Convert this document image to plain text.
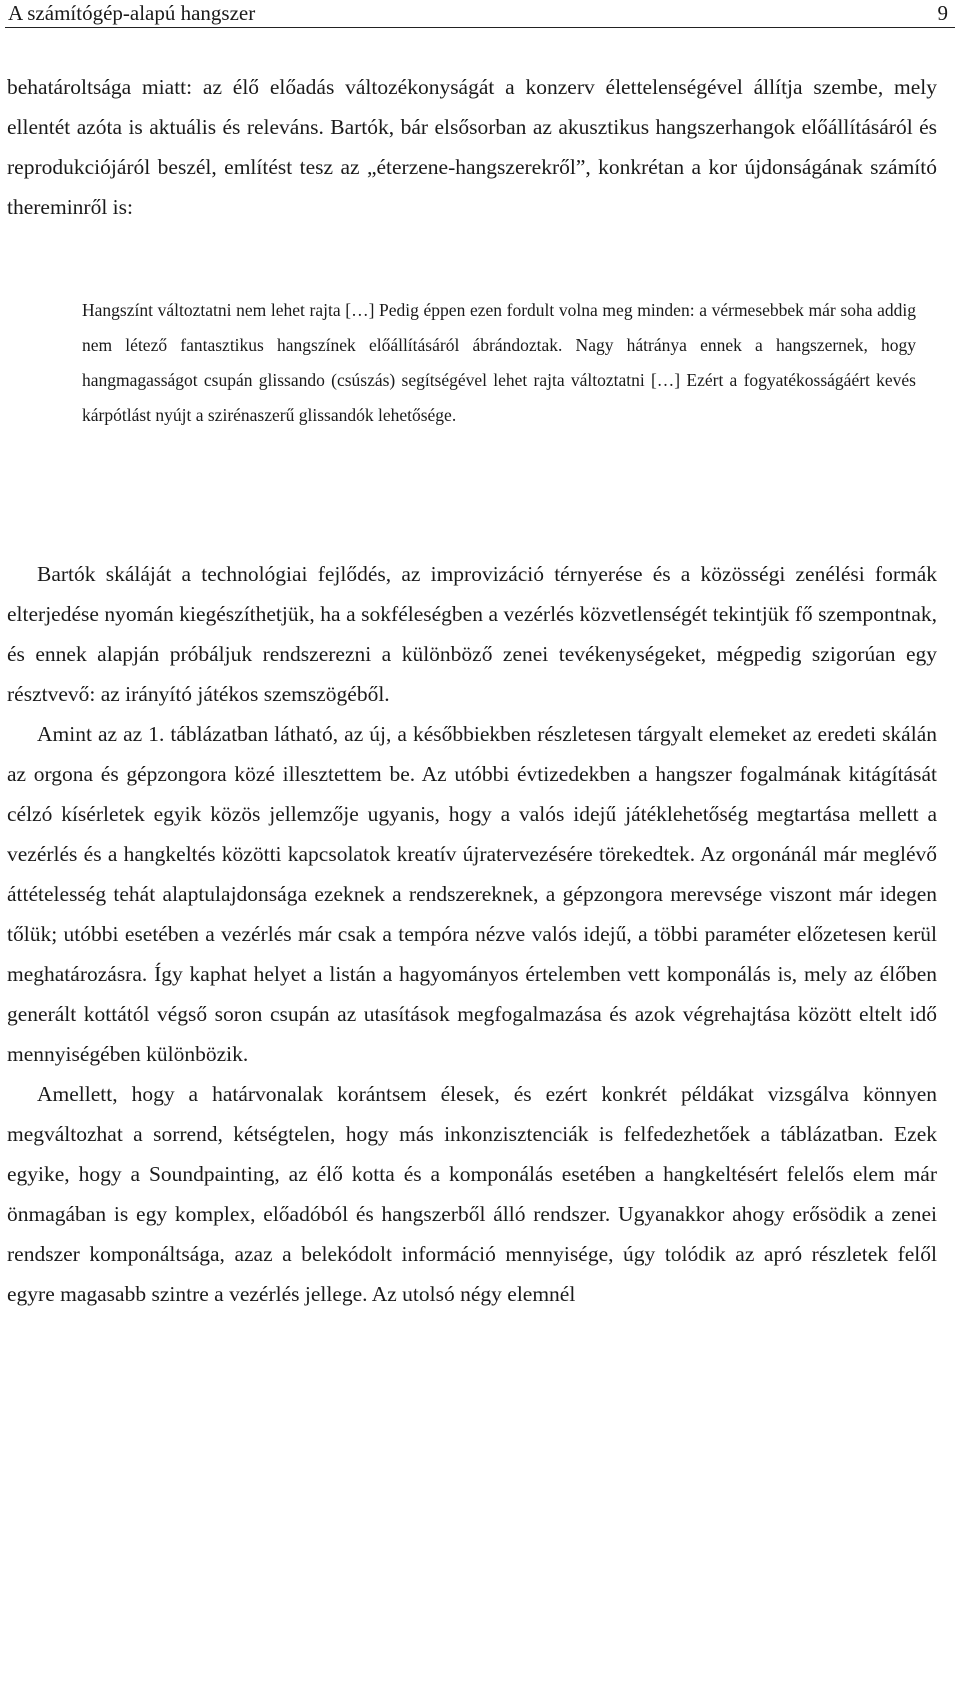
A számítógép-alapú hangszer	9

behatároltsága miatt: az élő előadás változékonyságát a konzerv élettelenségével állítja szembe, mely ellentét azóta is aktuális és releváns. Bartók, bár elsősorban az akusztikus hangszerhangok előállításáról és reprodukciójáról beszél, említést tesz az „éterzene-hangszerekről”, konkrétan a kor újdonságának számító thereminről is:

Hangszínt változtatni nem lehet rajta […] Pedig éppen ezen fordult volna meg minden: a vérmesebbek már soha addig nem létező fantasztikus hangszínek előállításáról ábrándoztak. Nagy hátránya ennek a hangszernek, hogy hangmagasságot csupán glissando (csúszás) segítségével lehet rajta változtatni […] Ezért a fogyatékosságáért kevés kárpótlást nyújt a szirénaszerű glissandók lehetősége.

Bartók skáláját a technológiai fejlődés, az improvizáció térnyerése és a közösségi zenélési formák elterjedése nyomán kiegészíthetjük, ha a sokféleségben a vezérlés közvetlenségét tekintjük fő szempontnak, és ennek alapján próbáljuk rendszerezni a különböző zenei tevékenységeket, mégpedig szigorúan egy résztvevő: az irányító játékos szemszögéből.

Amint az az 1. táblázatban látható, az új, a későbbiekben részletesen tárgyalt elemeket az eredeti skálán az orgona és gépzongora közé illesztettem be. Az utóbbi évtizedekben a hangszer fogalmának kitágítását célzó kísérletek egyik közös jellemzője ugyanis, hogy a valós idejű játéklehetőség megtartása mellett a vezérlés és a hangkeltés közötti kapcsolatok kreatív újratervezésére törekedtek. Az orgonánál már meglévő áttételesség tehát alaptulajdonsága ezeknek a rendszereknek, a gépzongora merevsége viszont már idegen tőlük; utóbbi esetében a vezérlés már csak a tempóra nézve valós idejű, a többi paraméter előzetesen kerül meghatározásra. Így kaphat helyet a listán a hagyományos értelemben vett komponálás is, mely az élőben generált kottától végső soron csupán az utasítások megfogalmazása és azok végrehajtása között eltelt idő mennyiségében különbözik.

Amellett, hogy a határvonalak korántsem élesek, és ezért konkrét példákat vizsgálva könnyen megváltozhat a sorrend, kétségtelen, hogy más inkonzisztenciák is felfedezhetőek a táblázatban. Ezek egyike, hogy a Soundpainting, az élő kotta és a komponálás esetében a hangkeltésért felelős elem már önmagában is egy komplex, előadóból és hangszerből álló rendszer. Ugyanakkor ahogy erősödik a zenei rendszer komponáltsága, azaz a belekódolt információ mennyisége, úgy tolódik az apró részletek felől egyre magasabb szintre a vezérlés jellege. Az utolsó négy elemnél
